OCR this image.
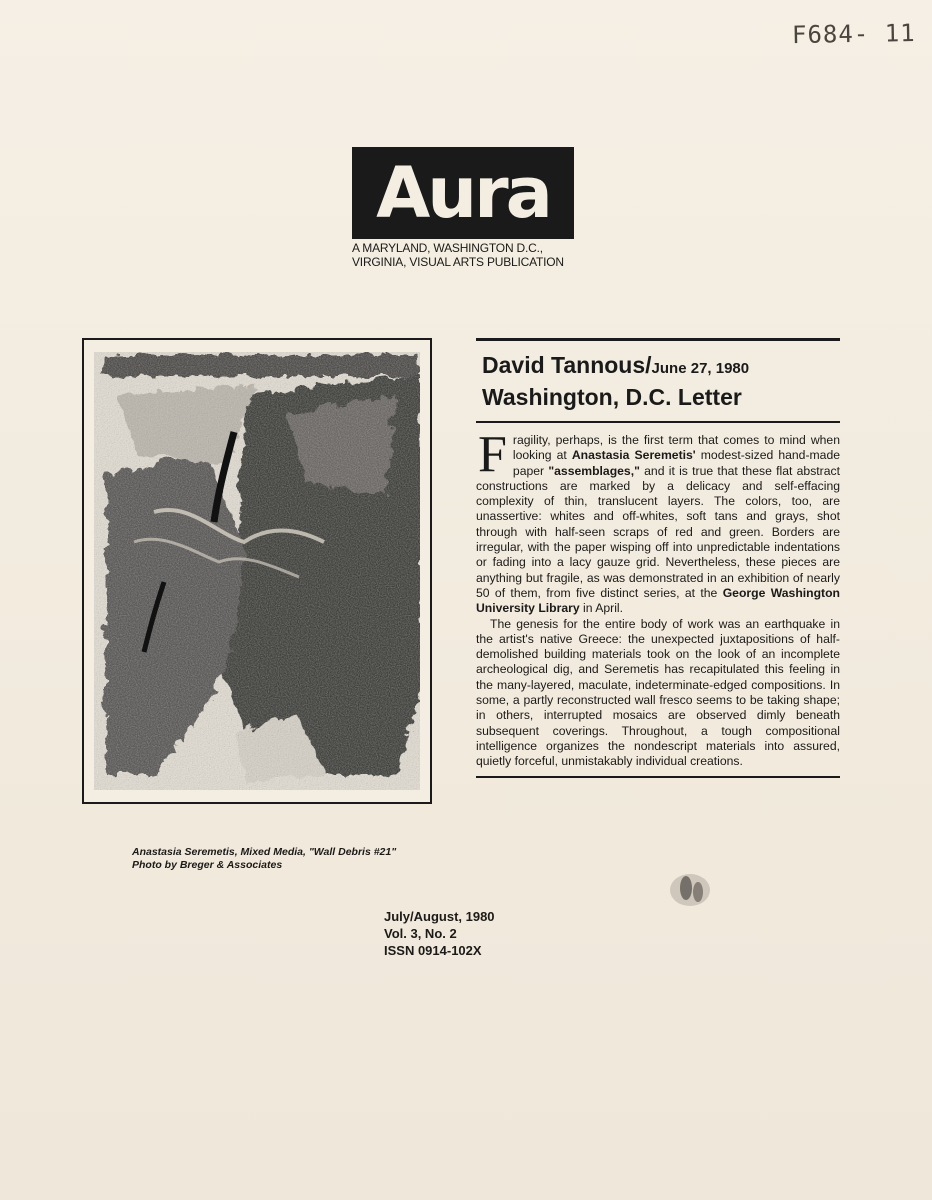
F684- 11
Aura
A MARYLAND, WASHINGTON D.C.,
VIRGINIA, VISUAL ARTS PUBLICATION
Anastasia Seremetis, Mixed Media, "Wall Debris #21"
Photo by Breger & Associates
David Tannous/June 27, 1980
Washington, D.C. Letter

Fragility, perhaps, is the first term that comes to mind when looking at Anastasia Seremetis' modest-sized hand-made paper "assemblages," and it is true that these flat abstract constructions are marked by a delicacy and self-effacing complexity of thin, translucent layers. The colors, too, are unassertive: whites and off-whites, soft tans and grays, shot through with half-seen scraps of red and green. Borders are irregular, with the paper wisping off into unpredictable indentations or fading into a lacy gauze grid. Nevertheless, these pieces are anything but fragile, as was demonstrated in an exhibition of nearly 50 of them, from five distinct series, at the George Washington University Library in April.

The genesis for the entire body of work was an earthquake in the artist's native Greece: the unexpected juxtapositions of half-demolished building materials took on the look of an incomplete archeological dig, and Seremetis has recapitulated this feeling in the many-layered, maculate, indeterminate-edged compositions. In some, a partly reconstructed wall fresco seems to be taking shape; in others, interrupted mosaics are observed dimly beneath subsequent coverings. Throughout, a tough compositional intelligence organizes the nondescript materials into assured, quietly forceful, unmistakably individual creations.

July/August, 1980
Vol. 3, No. 2
ISSN 0914-102X
